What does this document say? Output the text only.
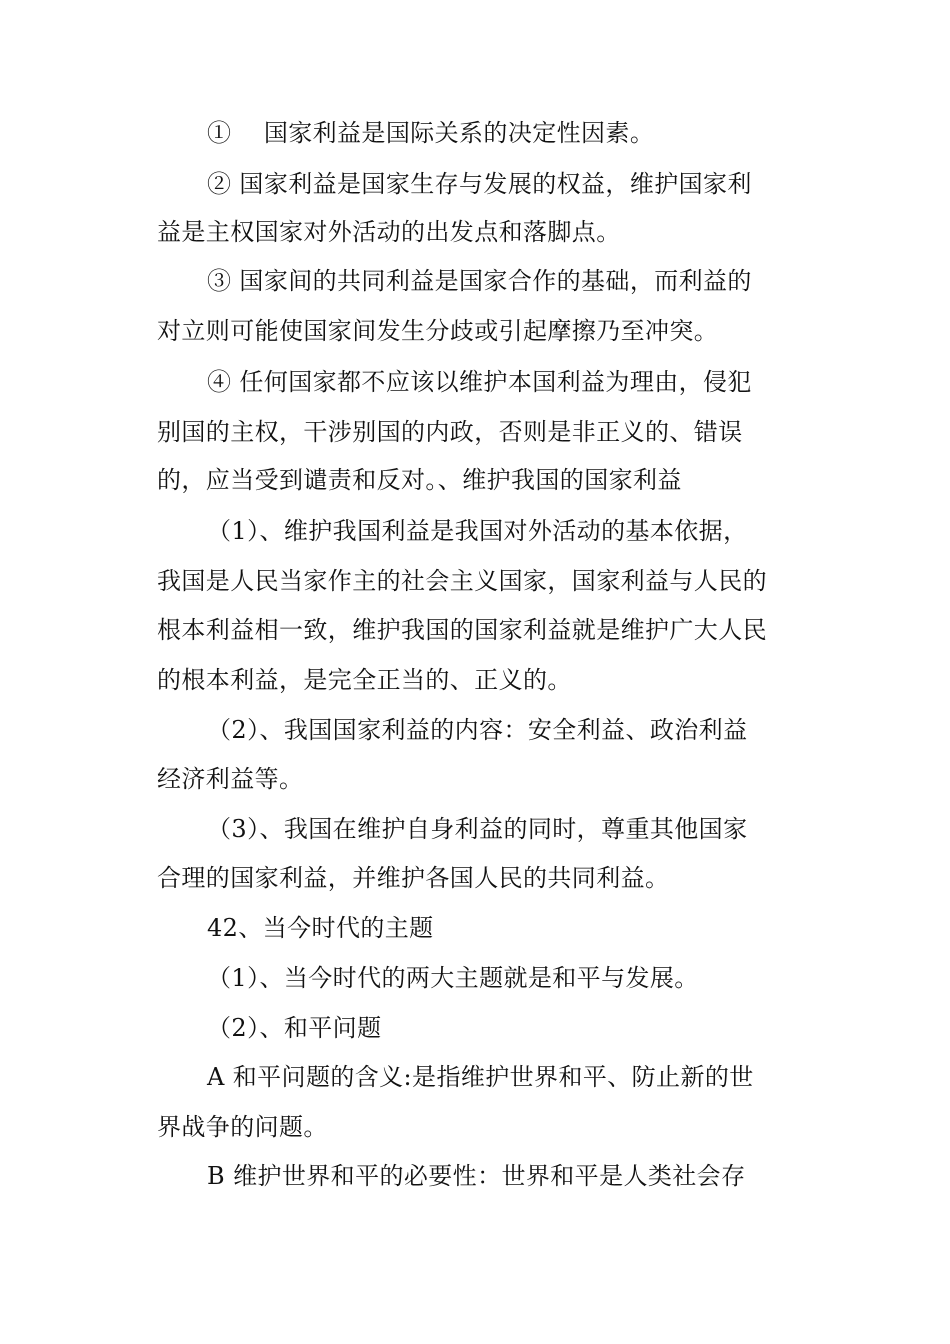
①　 国家利益是国际关系的决定性因素。
② 国家利益是国家生存与发展的权益，维护国家利
益是主权国家对外活动的出发点和落脚点。
③ 国家间的共同利益是国家合作的基础，而利益的
对立则可能使国家间发生分歧或引起摩擦乃至冲突。
④ 任何国家都不应该以维护本国利益为理由，侵犯
别国的主权，干涉别国的内政，否则是非正义的、错误
的，应当受到谴责和反对。、维护我国的国家利益
（1）、维护我国利益是我国对外活动的基本依据，
我国是人民当家作主的社会主义国家，国家利益与人民的
根本利益相一致，维护我国的国家利益就是维护广大人民
的根本利益，是完全正当的、正义的。
（2）、我国国家利益的内容：安全利益、政治利益
经济利益等。
（3）、我国在维护自身利益的同时，尊重其他国家
合理的国家利益，并维护各国人民的共同利益。
42、当今时代的主题
（1）、当今时代的两大主题就是和平与发展。
（2）、和平问题
A 和平问题的含义:是指维护世界和平、防止新的世
界战争的问题。
B 维护世界和平的必要性：世界和平是人类社会存
